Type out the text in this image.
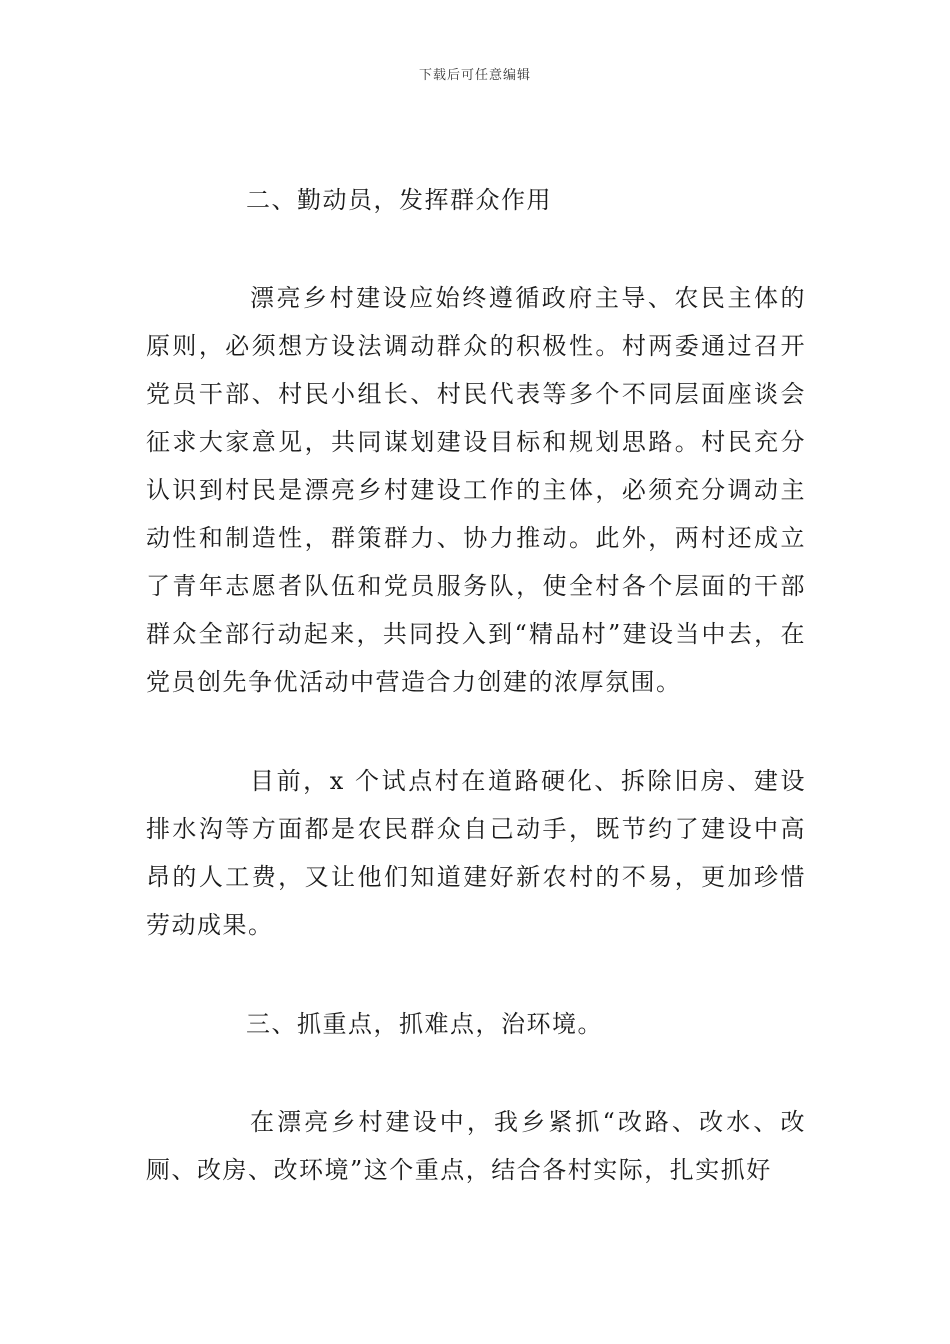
下载后可任意编辑

二、勤动员，发挥群众作用

漂亮乡村建设应始终遵循政府主导、农民主体的原则，必须想方设法调动群众的积极性。村两委通过召开党员干部、村民小组长、村民代表等多个不同层面座谈会征求大家意见，共同谋划建设目标和规划思路。村民充分认识到村民是漂亮乡村建设工作的主体，必须充分调动主动性和制造性，群策群力、协力推动。此外，两村还成立了青年志愿者队伍和党员服务队，使全村各个层面的干部群众全部行动起来，共同投入到“精品村”建设当中去，在党员创先争优活动中营造合力创建的浓厚氛围。

目前，x 个试点村在道路硬化、拆除旧房、建设排水沟等方面都是农民群众自己动手，既节约了建设中高昂的人工费，又让他们知道建好新农村的不易，更加珍惜劳动成果。

三、抓重点，抓难点，治环境。

在漂亮乡村建设中，我乡紧抓“改路、改水、改厕、改房、改环境”这个重点，结合各村实际，扎实抓好
